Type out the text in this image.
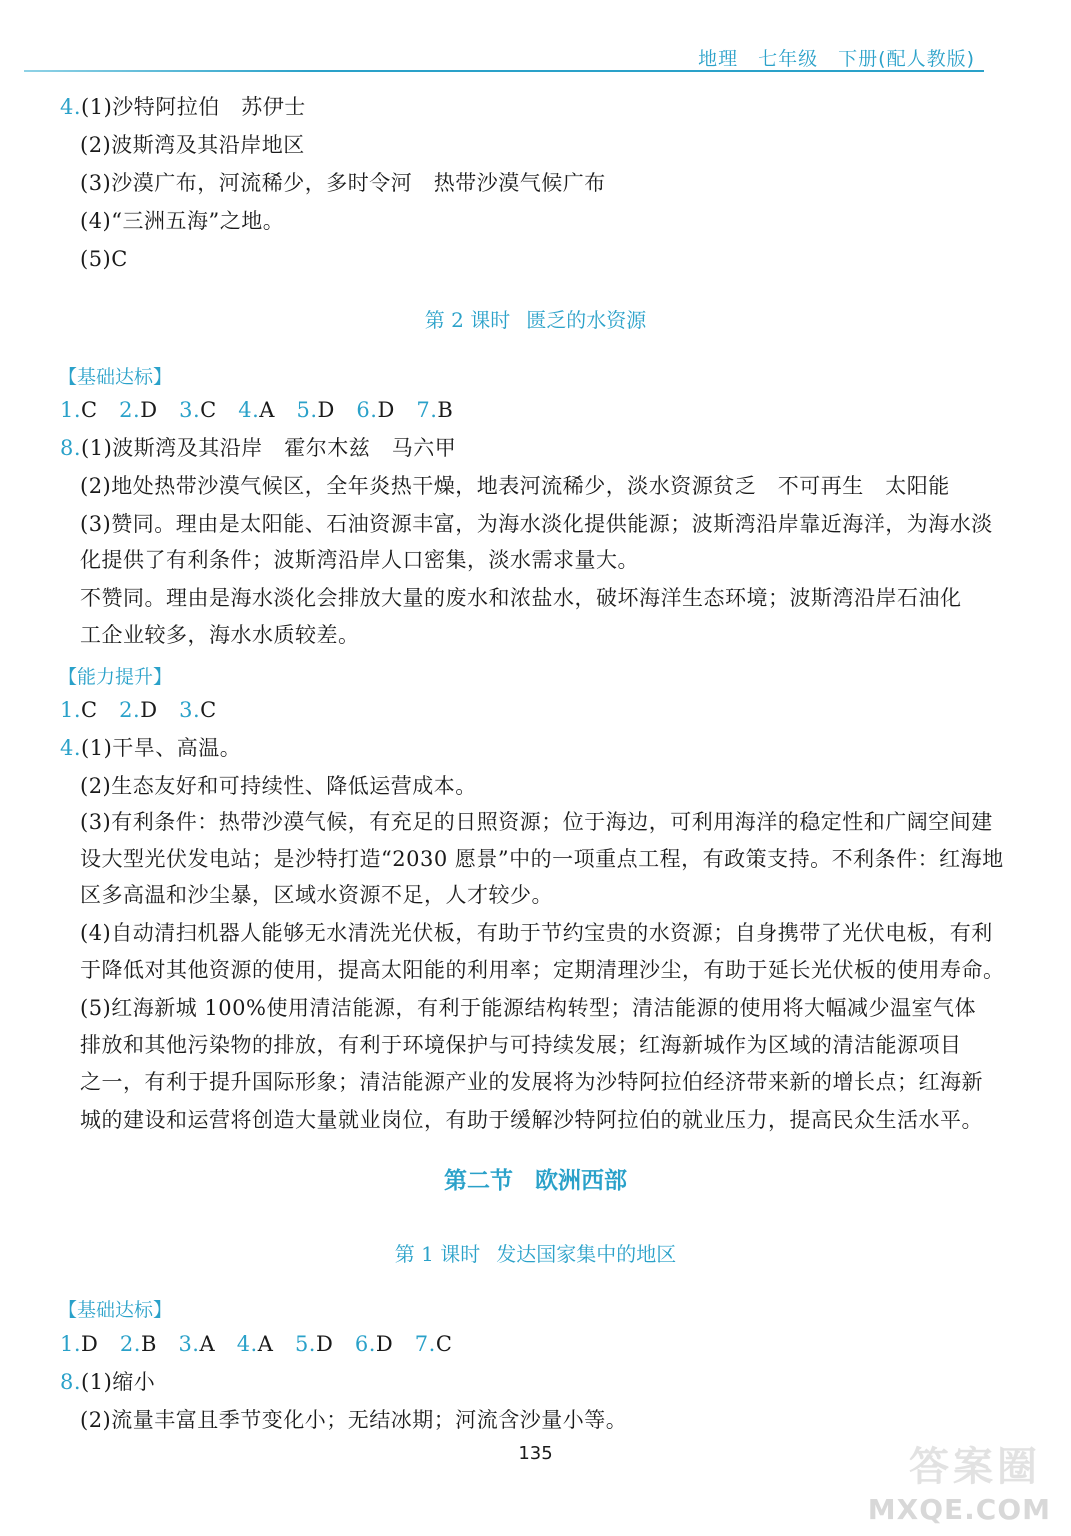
地理　七年级　下册(配人教版)
4.(1)沙特阿拉伯　苏伊士
(2)波斯湾及其沿岸地区
(3)沙漠广布，河流稀少，多时令河　热带沙漠气候广布
(4)“三洲五海”之地。
(5)C
第 2 课时 匮乏的水资源
【基础达标】
1.C 2.D 3.C 4.A 5.D 6.D 7.B
8.(1)波斯湾及其沿岸　霍尔木兹　马六甲
(2)地处热带沙漠气候区，全年炎热干燥，地表河流稀少，淡水资源贫乏　不可再生　太阳能
(3)赞同。理由是太阳能、石油资源丰富，为海水淡化提供能源；波斯湾沿岸靠近海洋，为海水淡
化提供了有利条件；波斯湾沿岸人口密集，淡水需求量大。
不赞同。理由是海水淡化会排放大量的废水和浓盐水，破坏海洋生态环境；波斯湾沿岸石油化
工企业较多，海水水质较差。
【能力提升】
1.C 2.D 3.C
4.(1)干旱、高温。
(2)生态友好和可持续性、降低运营成本。
(3)有利条件：热带沙漠气候，有充足的日照资源；位于海边，可利用海洋的稳定性和广阔空间建
设大型光伏发电站；是沙特打造“2030 愿景”中的一项重点工程，有政策支持。不利条件：红海地
区多高温和沙尘暴，区域水资源不足，人才较少。
(4)自动清扫机器人能够无水清洗光伏板，有助于节约宝贵的水资源；自身携带了光伏电板，有利
于降低对其他资源的使用，提高太阳能的利用率；定期清理沙尘，有助于延长光伏板的使用寿命。
(5)红海新城 100%使用清洁能源，有利于能源结构转型；清洁能源的使用将大幅减少温室气体
排放和其他污染物的排放，有利于环境保护与可持续发展；红海新城作为区域的清洁能源项目
之一，有利于提升国际形象；清洁能源产业的发展将为沙特阿拉伯经济带来新的增长点；红海新
城的建设和运营将创造大量就业岗位，有助于缓解沙特阿拉伯的就业压力，提高民众生活水平。
第二节 欧洲西部
第 1 课时 发达国家集中的地区
【基础达标】
1.D 2.B 3.A 4.A 5.D 6.D 7.C
8.(1)缩小
(2)流量丰富且季节变化小；无结冰期；河流含沙量小等。
135	答案圈
MXQE.COM
